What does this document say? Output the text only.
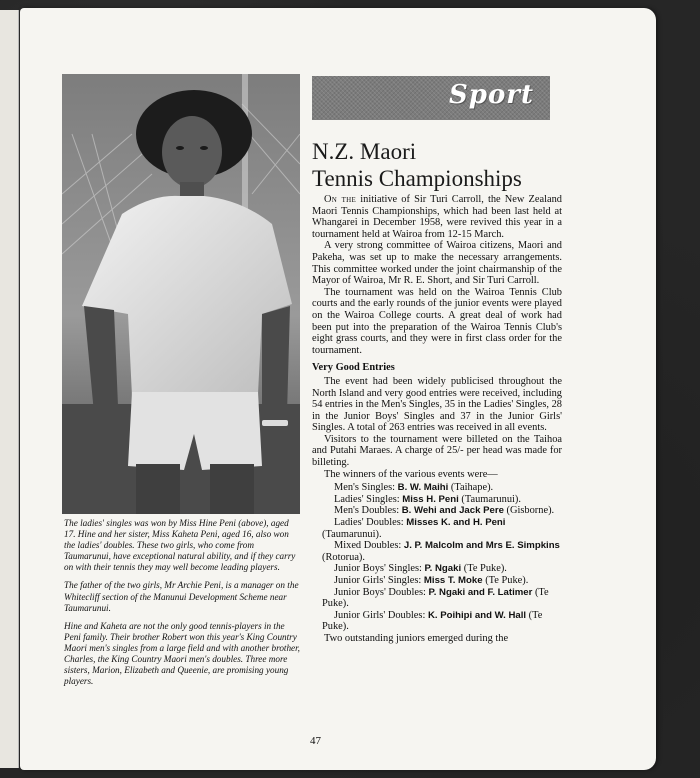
The ladies' singles was won by Miss Hine Peni (above), aged 17. Hine and her sister, Miss Kaheta Peni, aged 16, also won the ladies' doubles. These two girls, who come from Taumarunui, have exceptional natural ability, and if they carry on with their tennis they may well become leading players.

The father of the two girls, Mr Archie Peni, is a manager on the Whitecliff section of the Manunui Development Scheme near Taumarunui.

Hine and Kaheta are not the only good tennis-players in the Peni family. Their brother Robert won this year's King Country Maori men's singles from a large field and with another brother, Charles, the King Country Maori men's doubles. Three more sisters, Marion, Elizabeth and Queenie, are promising young players.

Sport
N.Z. Maori
Tennis Championships

On the initiative of Sir Turi Carroll, the New Zealand Maori Tennis Championships, which had been last held at Whangarei in December 1958, were revived this year in a tournament held at Wairoa from 12-15 March.

A very strong committee of Wairoa citizens, Maori and Pakeha, was set up to make the necessary arrangements. This committee worked under the joint chairmanship of the Mayor of Wairoa, Mr R. E. Short, and Sir Turi Carroll.

The tournament was held on the Wairoa Tennis Club courts and the early rounds of the junior events were played on the Wairoa College courts. A great deal of work had been put into the preparation of the Wairoa Tennis Club's eight grass courts, and they were in first class order for the tournament.

Very Good Entries

The event had been widely publicised throughout the North Island and very good entries were received, including 54 entries in the Men's Singles, 35 in the Ladies' Singles, 28 in the Junior Boys' Singles and 37 in the Junior Girls' Singles. A total of 263 entries was received in all events.

Visitors to the tournament were billeted on the Taihoa and Putahi Maraes. A charge of 25/- per head was made for billeting.

The winners of the various events were—

Men's Singles: B. W. Maihi (Taihape).

Ladies' Singles: Miss H. Peni (Taumarunui).

Men's Doubles: B. Wehi and Jack Pere (Gisborne).

Ladies' Doubles: Misses K. and H. Peni (Taumarunui).

Mixed Doubles: J. P. Malcolm and Mrs E. Simpkins (Rotorua).

Junior Boys' Singles: P. Ngaki (Te Puke).

Junior Girls' Singles: Miss T. Moke (Te Puke).

Junior Boys' Doubles: P. Ngaki and F. Latimer (Te Puke).

Junior Girls' Doubles: K. Poihipi and W. Hall (Te Puke).

Two outstanding juniors emerged during the

47
